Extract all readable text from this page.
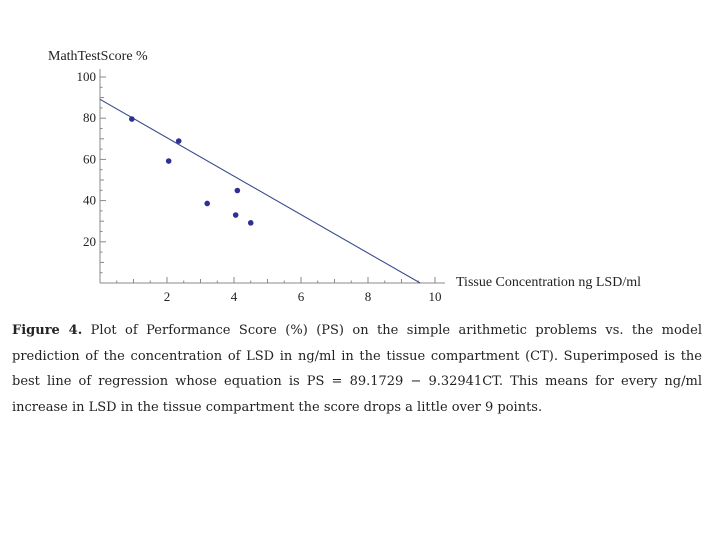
2	4	6	8	10
20
40
60
80
100
MathTestScore %
Tissue Concentration ng LSD/ml

Figure 4. Plot of Performance Score (%) (PS) on the simple arithmetic problems vs. the model prediction of the concentration of LSD in ng/ml in the tissue compartment (CT). Superimposed is the best line of regression whose equation is PS = 89.1729 − 9.32941CT. This means for every ng/ml increase in LSD in the tissue compartment the score drops a little over 9 points.
